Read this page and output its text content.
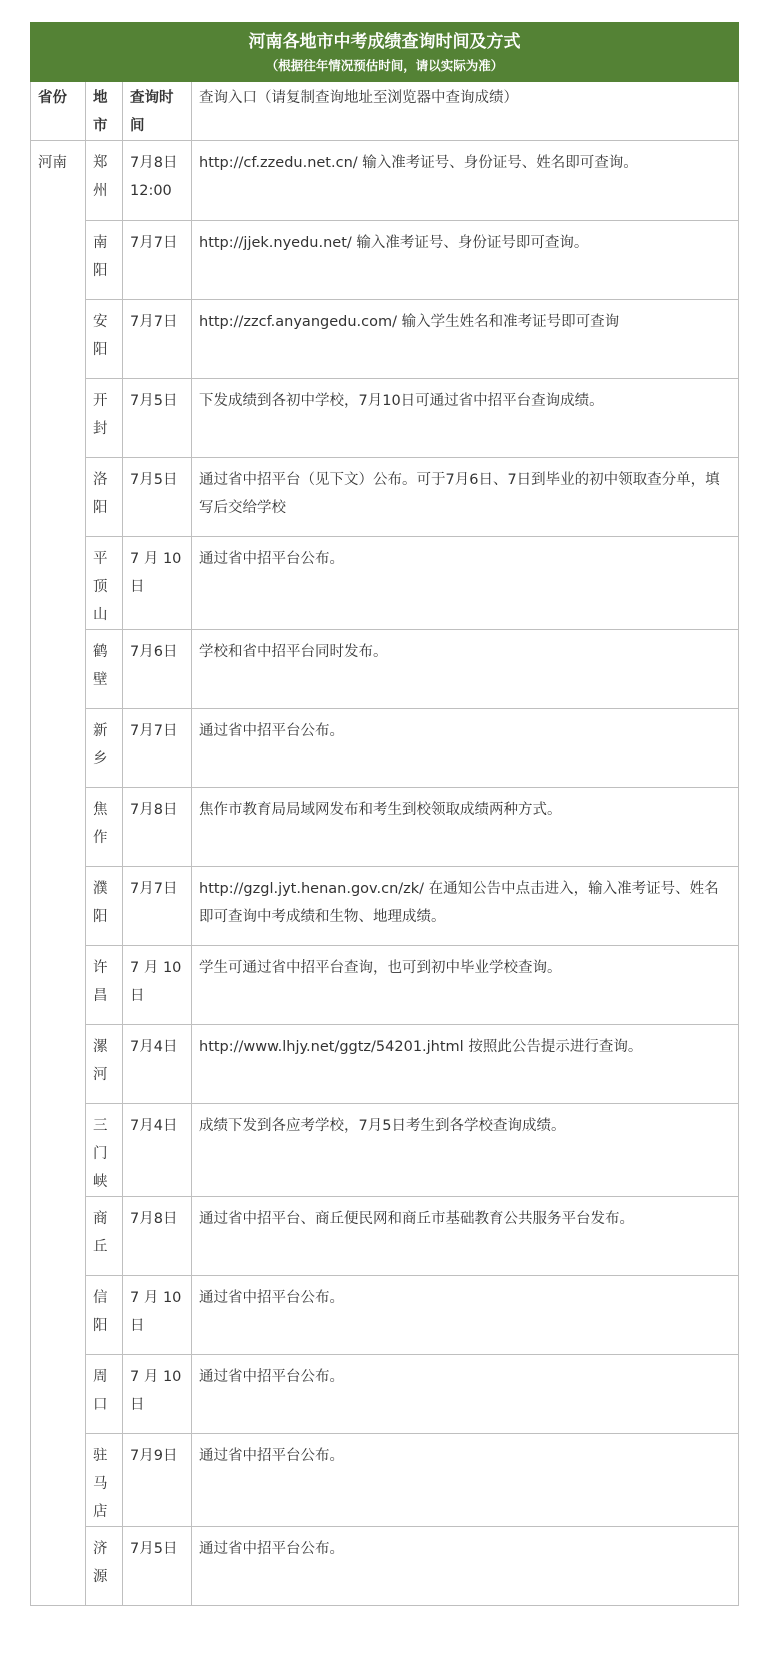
河南各地市中考成绩查询时间及方式
（根据往年情况预估时间，请以实际为准）			

省份	地市	查询时间	查询入口（请复制查询地址至浏览器中查询成绩）
河南	郑州	7月8日 12:00	http://cf.zzedu.net.cn/ 输入准考证号、身份证号、姓名即可查询。
	南阳	7月7日	http://jjek.nyedu.net/ 输入准考证号、身份证号即可查询。
	安阳	7月7日	http://zzcf.anyangedu.com/ 输入学生姓名和准考证号即可查询
	开封	7月5日	下发成绩到各初中学校，7月10日可通过省中招平台查询成绩。
	洛阳	7月5日	通过省中招平台（见下文）公布。可于7月6日、7日到毕业的初中领取查分单，填写后交给学校
	平顶山	7 月 10 日	通过省中招平台公布。
	鹤壁	7月6日	学校和省中招平台同时发布。
	新乡	7月7日	通过省中招平台公布。
	焦作	7月8日	焦作市教育局局域网发布和考生到校领取成绩两种方式。
	濮阳	7月7日	http://gzgl.jyt.henan.gov.cn/zk/ 在通知公告中点击进入，输入准考证号、姓名即可查询中考成绩和生物、地理成绩。
	许昌	7 月 10 日	学生可通过省中招平台查询，也可到初中毕业学校查询。
	漯河	7月4日	http://www.lhjy.net/ggtz/54201.jhtml 按照此公告提示进行查询。
	三门峡	7月4日	成绩下发到各应考学校，7月5日考生到各学校查询成绩。
	商丘	7月8日	通过省中招平台、商丘便民网和商丘市基础教育公共服务平台发布。
	信阳	7 月 10 日	通过省中招平台公布。
	周口	7 月 10 日	通过省中招平台公布。
	驻马店	7月9日	通过省中招平台公布。
	济源	7月5日	通过省中招平台公布。
